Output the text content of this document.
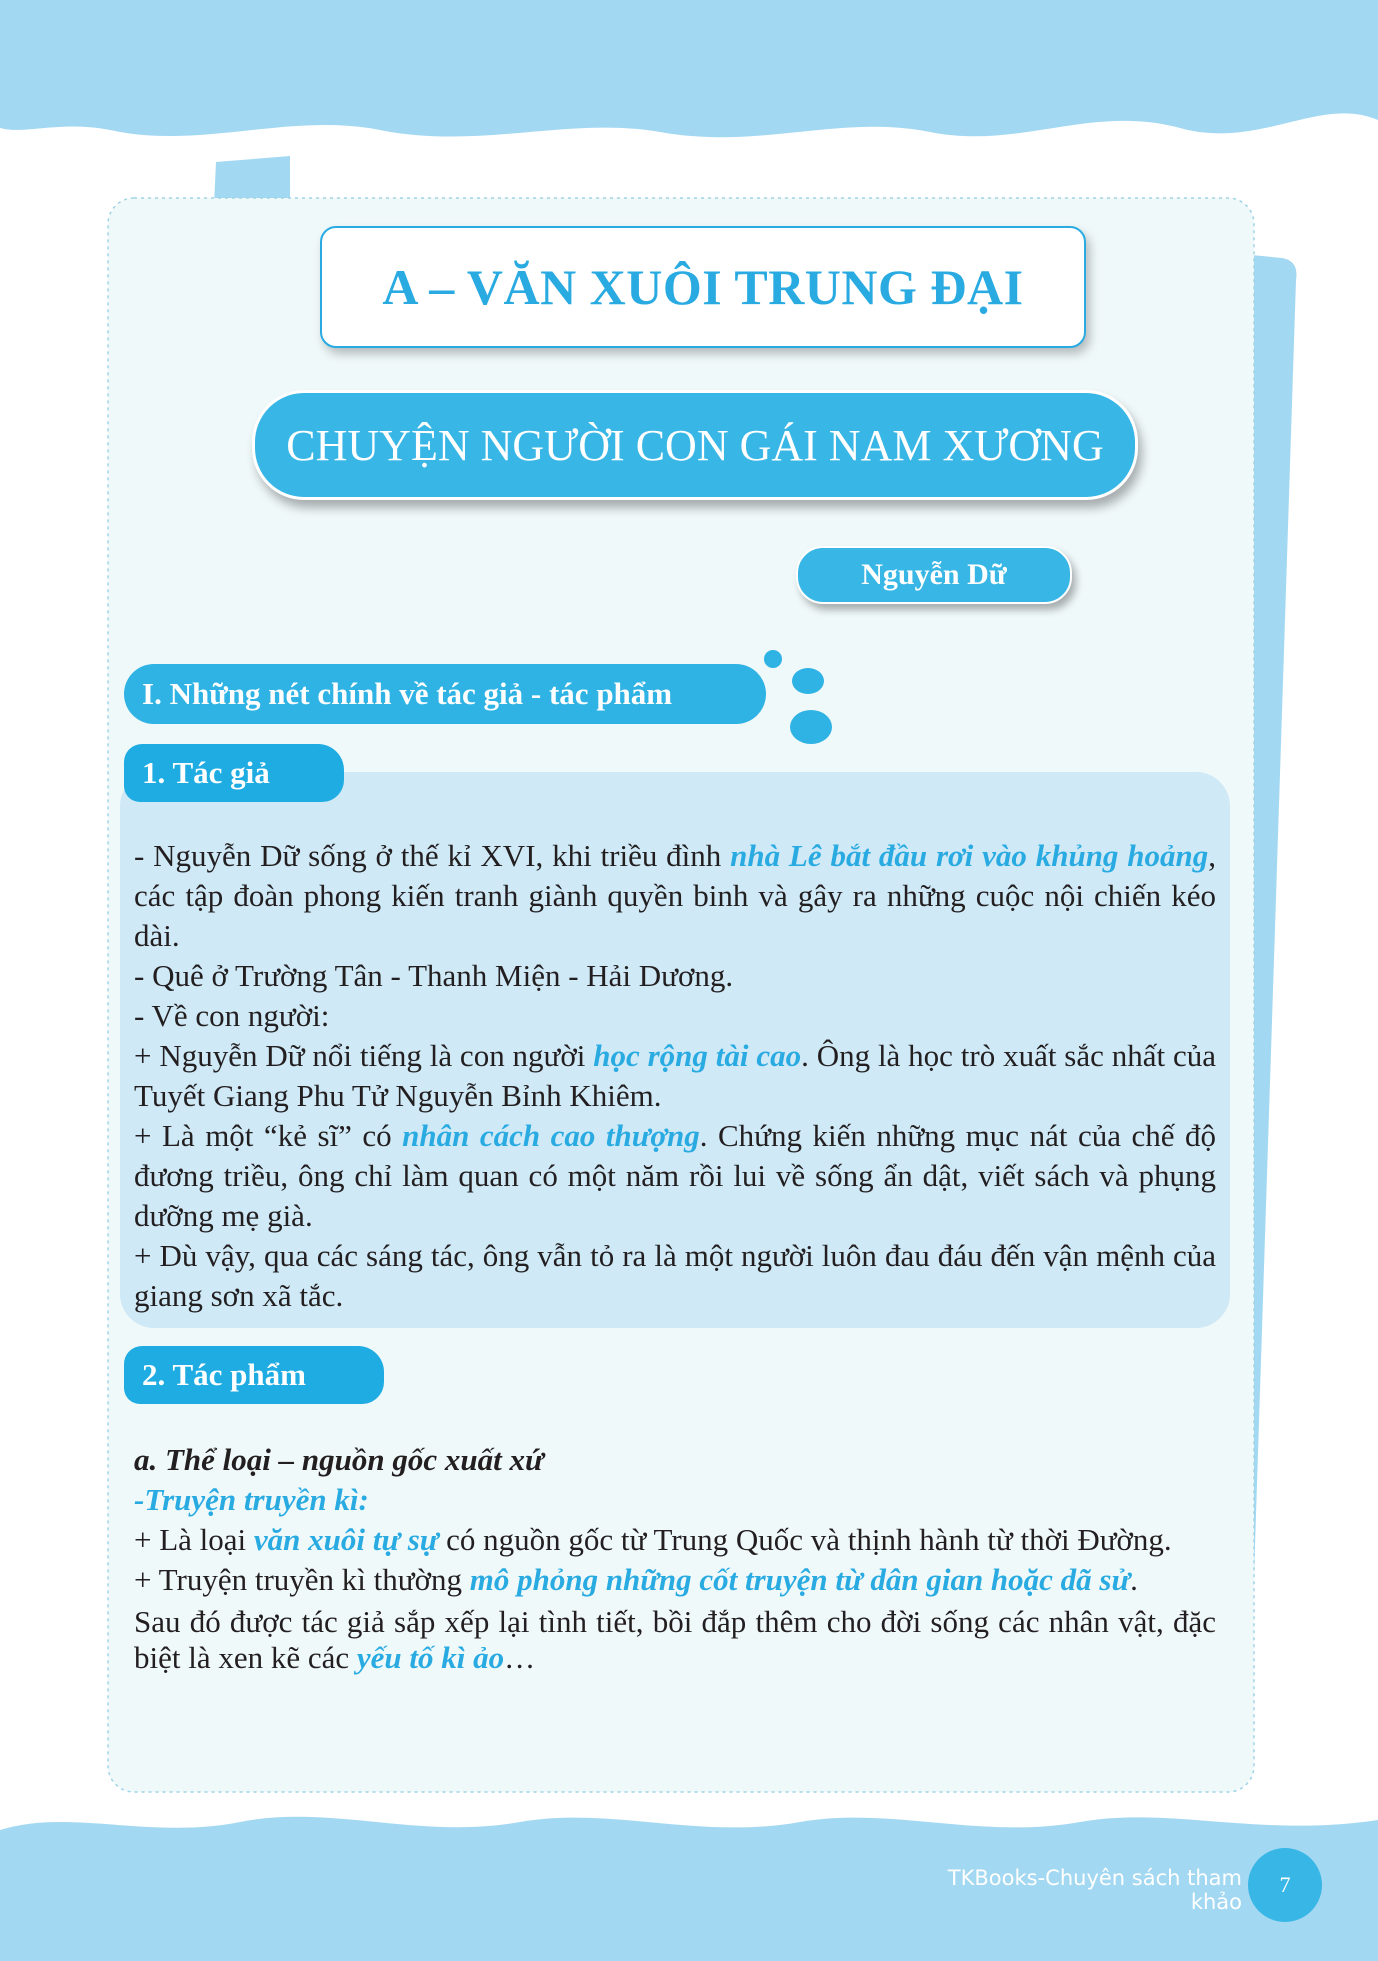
A – VĂN XUÔI TRUNG ĐẠI
CHUYỆN NGƯỜI CON GÁI NAM XƯƠNG
Nguyễn Dữ
I. Những nét chính về tác giả - tác phẩm
1. Tác giả

- Nguyễn Dữ sống ở thế kỉ XVI, khi triều đình nhà Lê bắt đầu rơi vào khủng hoảng, các tập đoàn phong kiến tranh giành quyền binh và gây ra những cuộc nội chiến kéo dài.

- Quê ở Trường Tân - Thanh Miện - Hải Dương.

- Về con người:

+ Nguyễn Dữ nổi tiếng là con người học rộng tài cao. Ông là học trò xuất sắc nhất của Tuyết Giang Phu Tử Nguyễn Bỉnh Khiêm.

+ Là một “kẻ sĩ” có nhân cách cao thượng. Chứng kiến những mục nát của chế độ đương triều, ông chỉ làm quan có một năm rồi lui về sống ẩn dật, viết sách và phụng dưỡng mẹ già.

+ Dù vậy, qua các sáng tác, ông vẫn tỏ ra là một người luôn đau đáu đến vận mệnh của giang sơn xã tắc.

2. Tác phẩm

a. Thể loại – nguồn gốc xuất xứ

-Truyện truyền kì:

+ Là loại văn xuôi tự sự có nguồn gốc từ Trung Quốc và thịnh hành từ thời Đường.

+ Truyện truyền kì thường mô phỏng những cốt truyện từ dân gian hoặc dã sử.

Sau đó được tác giả sắp xếp lại tình tiết, bồi đắp thêm cho đời sống các nhân vật, đặc biệt là xen kẽ các yếu tố kì ảo…

TKBooks-Chuyên sách tham khảo
7
